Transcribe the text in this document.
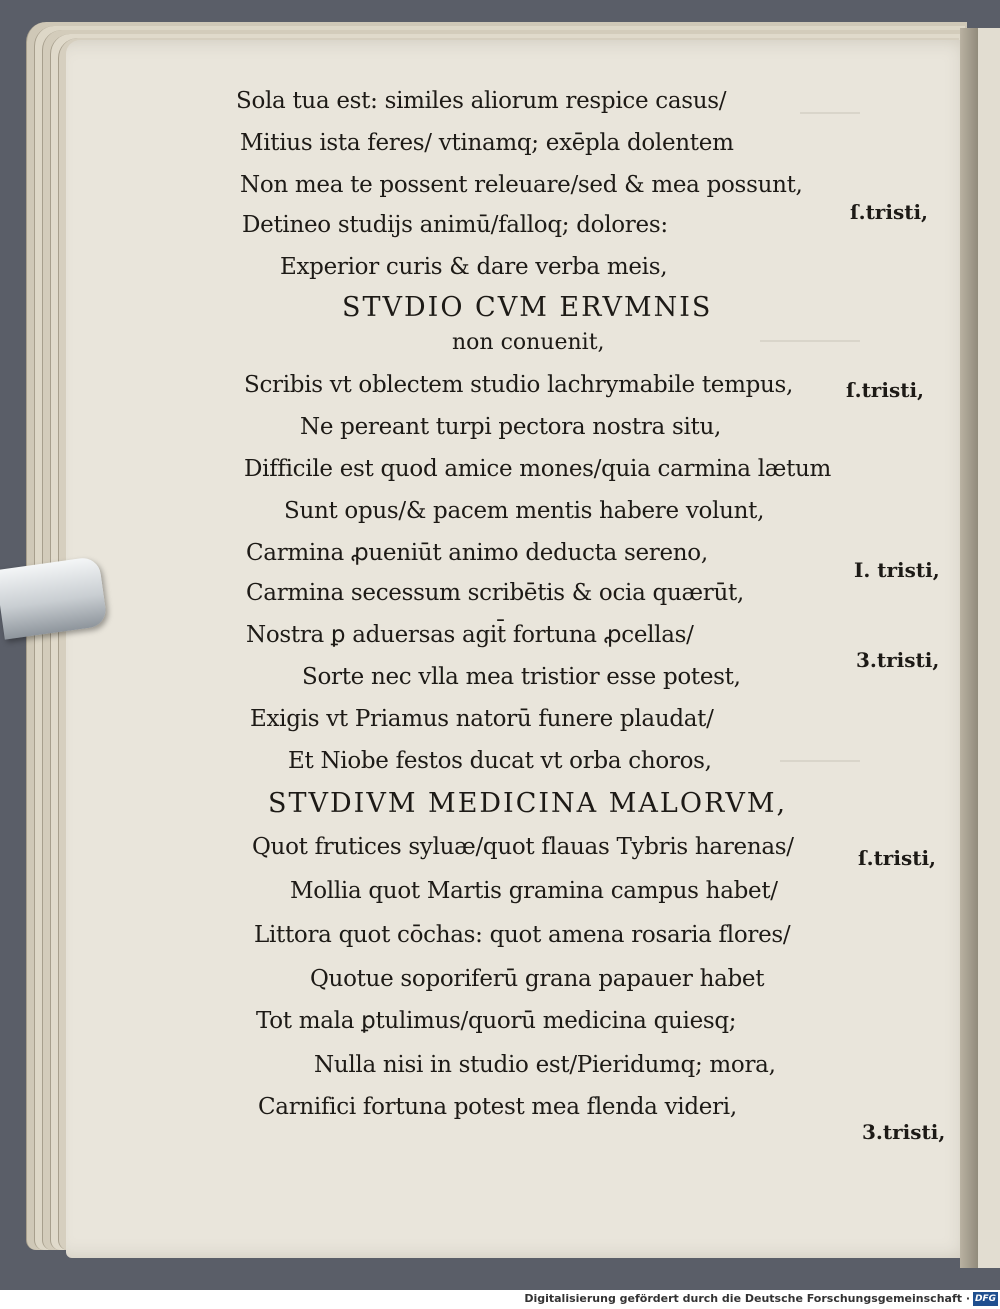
Sola tua est: similes aliorum respice casus/
Mitius ista feres/ vtinamq; exēpla dolentem
Non mea te possent releuare/sed & mea possunt,
Detineo studijs animū/falloq; dolores:
Experior curis & dare verba meis,
STVDIO CVM ERVMNIS
non conuenit,
Scribis vt oblectem studio lachrymabile tempus,
Ne pereant turpi pectora nostra situ,
Difficile est quod amice mones/quia carmina lætum
Sunt opus/& pacem mentis habere volunt,
Carmina ꝓueniūt animo deducta sereno,
Carmina secessum scribētis & ocia quærūt,
Nostra ꝑ aduersas agit̄ fortuna ꝓcellas/
Sorte nec vlla mea tristior esse potest,
Exigis vt Priamus natorū funere plaudat/
Et Niobe festos ducat vt orba choros,
STVDIVM MEDICINA MALORVM,
Quot frutices syluæ/quot flauas Tybris harenas/
Mollia quot Martis gramina campus habet/
Littora quot cōchas: quot amena rosaria flores/
Quotue soporiferū grana papauer habet
Tot mala ꝑtulimus/quorū medicina quiesq;
Nulla nisi in studio est/Pieridumq; mora,
Carnifici fortuna potest mea flenda videri,
ſ.tristi,
ſ.tristi,
I. tristi,
3.tristi,
ſ.tristi,
3.tristi,
Digitalisierung gefördert durch die Deutsche Forschungsgemeinschaft · DFG
